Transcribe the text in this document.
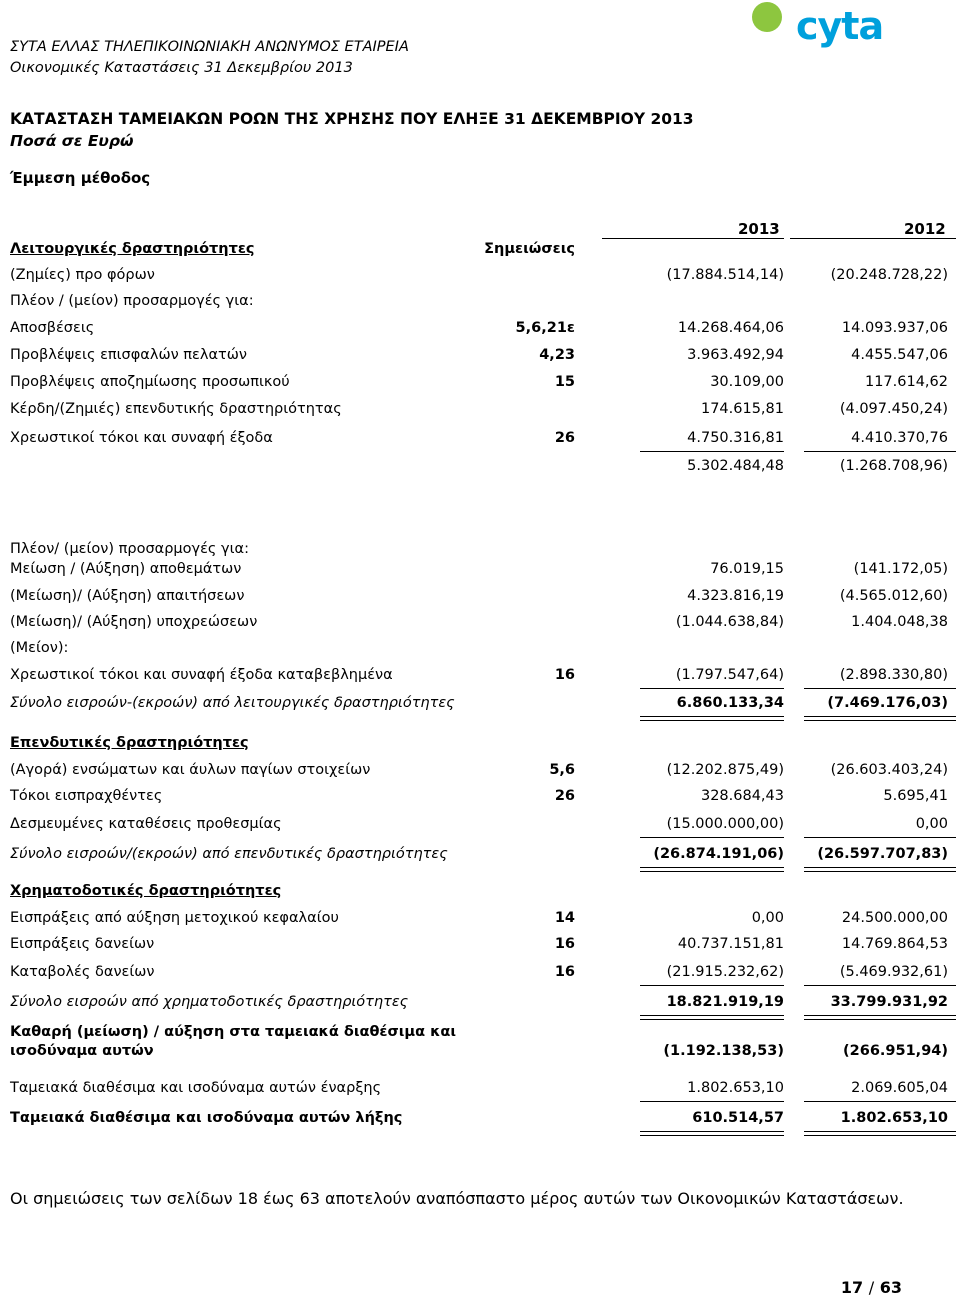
ΣΥΤΑ ΕΛΛΑΣ ΤΗΛΕΠΙΚΟΙΝΩΝΙΑΚΗ ΑΝΩΝΥΜΟΣ ΕΤΑΙΡΕΙΑ
Οικονομικές Καταστάσεις 31 Δεκεμβρίου 2013
cyta
ΚΑΤΑΣΤΑΣΗ ΤΑΜΕΙΑΚΩΝ ΡΟΩΝ ΤΗΣ ΧΡΗΣΗΣ ΠΟΥ ΕΛΗΞΕ 31 ΔΕΚΕΜΒΡΙΟΥ 2013
Ποσά σε Ευρώ
Έμμεση μέθοδος
2013	2012
Λειτουργικές δραστηριότητες	Σημειώσεις
(Ζημίες) προ φόρων	(17.884.514,14)	(20.248.728,22)
Πλέον / (μείον) προσαρμογές για:
Αποσβέσεις	5,6,21ε	14.268.464,06	14.093.937,06
Προβλέψεις επισφαλών πελατών	4,23	3.963.492,94	4.455.547,06
Προβλέψεις αποζημίωσης προσωπικού	15	30.109,00	117.614,62
Κέρδη/(Ζημιές) επενδυτικής δραστηριότητας	174.615,81	(4.097.450,24)
Χρεωστικοί τόκοι και συναφή έξοδα	26	4.750.316,81	4.410.370,76
5.302.484,48	(1.268.708,96)
Πλέον/ (μείον) προσαρμογές για:
Μείωση / (Αύξηση) αποθεμάτων	76.019,15	(141.172,05)
(Μείωση)/ (Αύξηση) απαιτήσεων	4.323.816,19	(4.565.012,60)
(Μείωση)/ (Αύξηση) υποχρεώσεων	(1.044.638,84)	1.404.048,38
(Μείον):
Χρεωστικοί τόκοι και συναφή έξοδα καταβεβλημένα	16	(1.797.547,64)	(2.898.330,80)
Σύνολο εισροών-(εκροών) από λειτουργικές δραστηριότητες	6.860.133,34	(7.469.176,03)
Επενδυτικές δραστηριότητες
(Αγορά) ενσώματων και άυλων παγίων στοιχείων	5,6	(12.202.875,49)	(26.603.403,24)
Τόκοι εισπραχθέντες	26	328.684,43	5.695,41
Δεσμευμένες καταθέσεις προθεσμίας	(15.000.000,00)	0,00
Σύνολο εισροών/(εκροών) από επενδυτικές δραστηριότητες	(26.874.191,06) (26.597.707,83)
Χρηματοδοτικές δραστηριότητες
Εισπράξεις από αύξηση μετοχικού κεφαλαίου	14	0,00	24.500.000,00
Εισπράξεις δανείων	16	40.737.151,81	14.769.864,53
Καταβολές δανείων	16	(21.915.232,62)	(5.469.932,61)
Σύνολο εισροών από χρηματοδοτικές δραστηριότητες	18.821.919,19	33.799.931,92
Καθαρή (μείωση) / αύξηση στα ταμειακά διαθέσιμα και
ισοδύναμα αυτών	(1.192.138,53)	(266.951,94)
Ταμειακά διαθέσιμα και ισοδύναμα αυτών έναρξης	1.802.653,10	2.069.605,04
Ταμειακά διαθέσιμα και ισοδύναμα αυτών λήξης	610.514,57	1.802.653,10
Οι σημειώσεις των σελίδων 18 έως 63 αποτελούν αναπόσπαστο μέρος αυτών των Οικονομικών Καταστάσεων.
17 / 63
